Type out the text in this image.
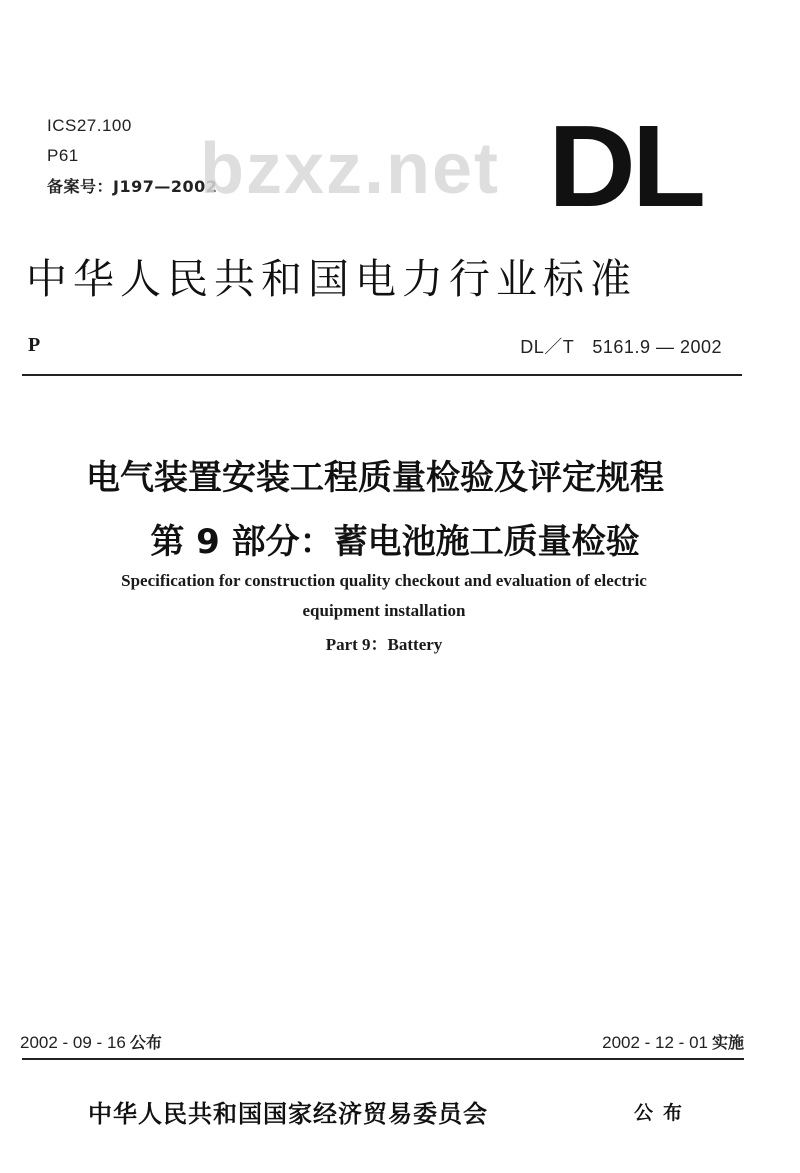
ICS27.100
P61
备案号：J197—2002
bzxz.net DL
中华人民共和国电力行业标准
P	DL／T　5161.9 — 2002
电气装置安装工程质量检验及评定规程
第 9 部分：蓄电池施工质量检验
Specification for construction quality checkout and evaluation of electric
equipment installation
Part 9：Battery
2002 - 09 - 16 公布	2002 - 12 - 01 实施
中华人民共和国国家经济贸易委员会	公布
